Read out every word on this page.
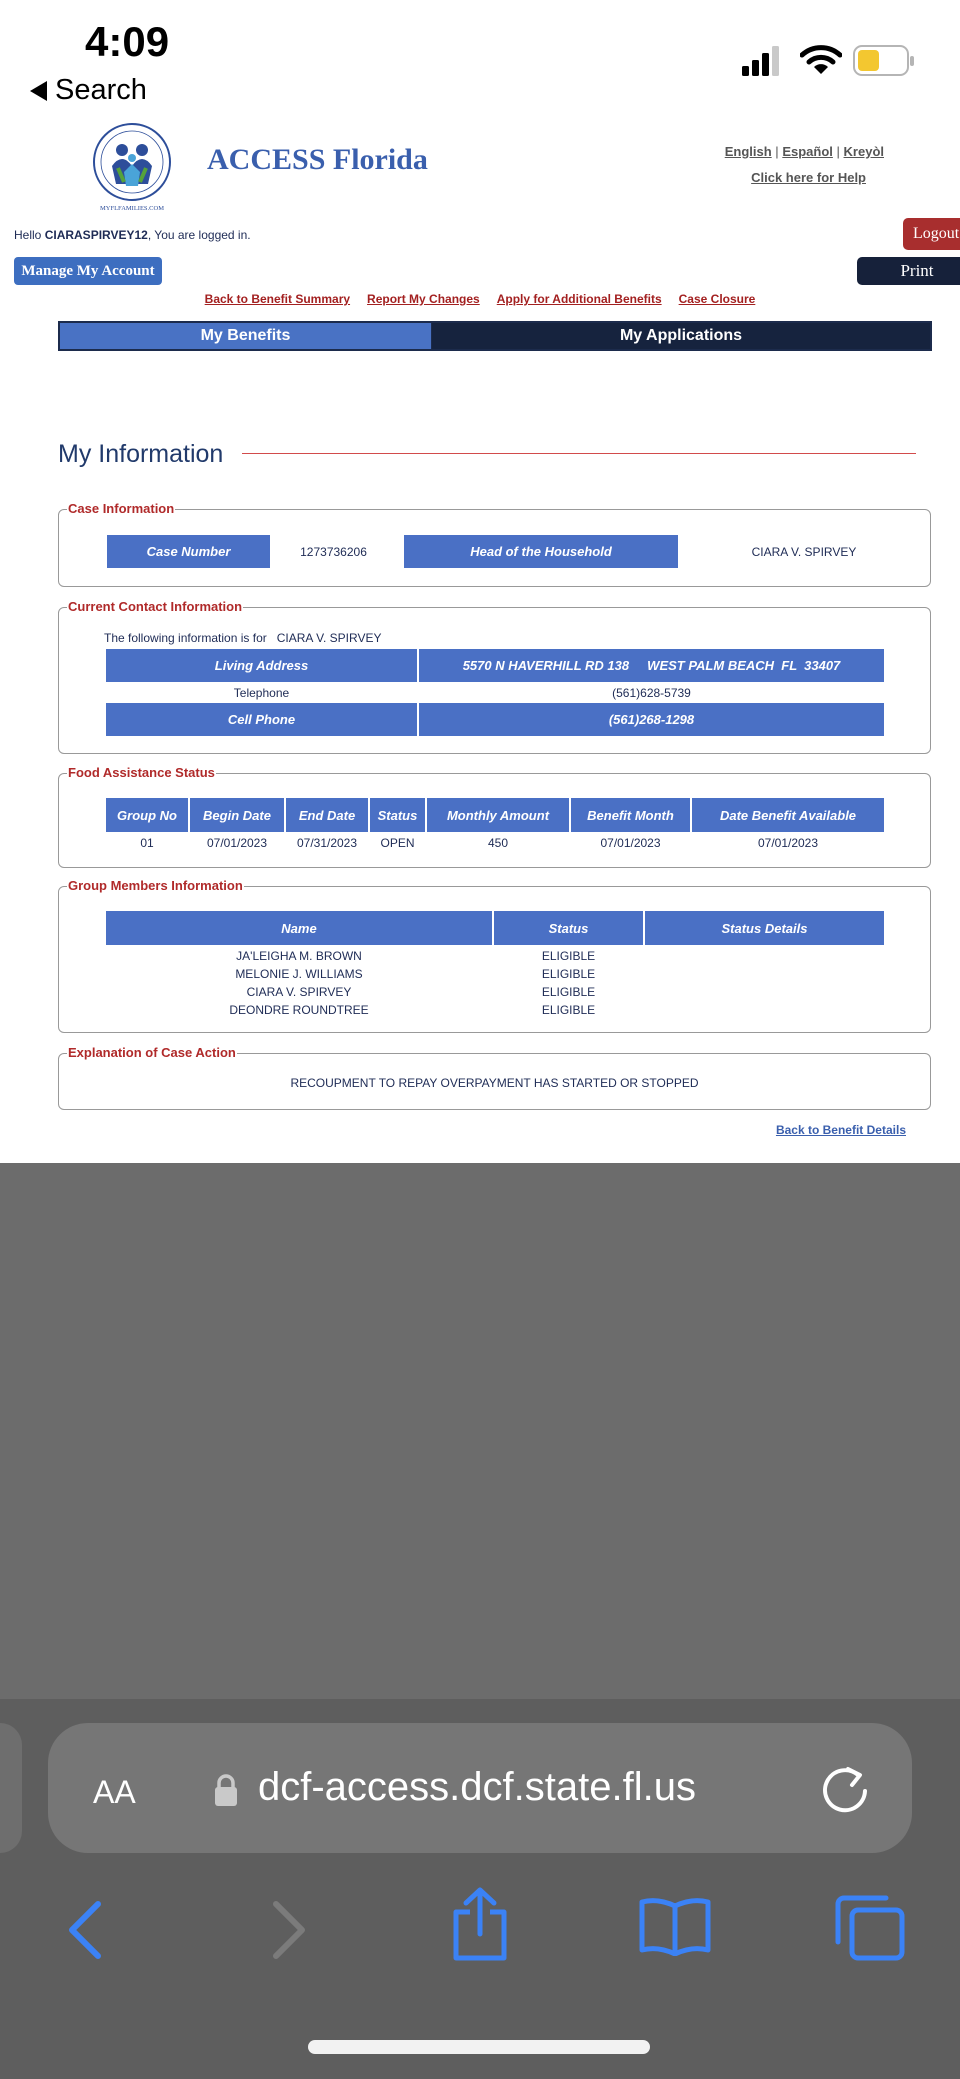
4:09
Search
MYFLFAMILIES.COM
ACCESS Florida	English | Español | Kreyòl
Click here for Help
Hello CIARASPIRVEY12, You are logged in.
Manage My Account
Logout
Print
Back to Benefit Summary Report My Changes Apply for Additional Benefits Case Closure
My Benefits	My Applications
My Information
Case Information
Case Number	1273736206	Head of the Household	CIARA V. SPIRVEY
Current Contact Information
The following information is for   CIARA V. SPIRVEY
Living Address	5570 N HAVERHILL RD 138     WEST PALM BEACH  FL  33407
Telephone	(561)628-5739
Cell Phone	(561)268-1298
Food Assistance Status
Group No	Begin Date	End Date	Status	Monthly Amount	Benefit Month	Date Benefit Available
01	07/01/2023	07/31/2023	OPEN	450	07/01/2023	07/01/2023
Group Members Information
Name	Status	Status Details
JA'LEIGHA M. BROWN	ELIGIBLE
MELONIE J. WILLIAMS	ELIGIBLE
CIARA V. SPIRVEY	ELIGIBLE
DEONDRE ROUNDTREE	ELIGIBLE
Explanation of Case Action
RECOUPMENT TO REPAY OVERPAYMENT HAS STARTED OR STOPPED
Back to Benefit Details
AA	dcf-access.dcf.state.fl.us
